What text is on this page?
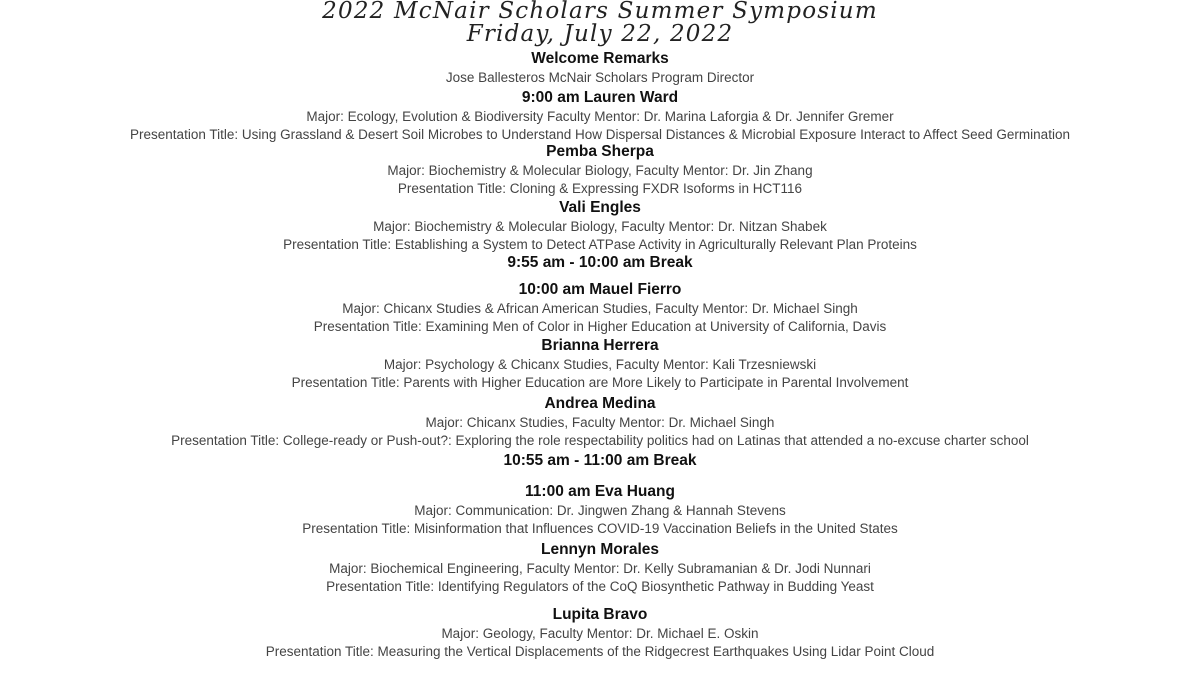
2022 McNair Scholars Summer Symposium
Friday, July 22, 2022
Welcome Remarks
Jose Ballesteros McNair Scholars Program Director
9:00 am Lauren Ward
Major: Ecology, Evolution & Biodiversity Faculty Mentor: Dr. Marina Laforgia & Dr. Jennifer Gremer
Presentation Title: Using Grassland & Desert Soil Microbes to Understand How Dispersal Distances & Microbial Exposure Interact to Affect Seed Germination
Pemba Sherpa
Major: Biochemistry & Molecular Biology, Faculty Mentor: Dr. Jin Zhang
Presentation Title: Cloning & Expressing FXDR Isoforms in HCT116
Vali Engles
Major: Biochemistry & Molecular Biology, Faculty Mentor: Dr. Nitzan Shabek
Presentation Title: Establishing a System to Detect ATPase Activity in Agriculturally Relevant Plan Proteins
9:55 am - 10:00 am Break
10:00 am Mauel Fierro
Major: Chicanx Studies & African American Studies, Faculty Mentor: Dr. Michael Singh
Presentation Title: Examining Men of Color in Higher Education at University of California, Davis
Brianna Herrera
Major: Psychology & Chicanx Studies, Faculty Mentor: Kali Trzesniewski
Presentation Title: Parents with Higher Education are More Likely to Participate in Parental Involvement
Andrea Medina
Major: Chicanx Studies, Faculty Mentor: Dr. Michael Singh
Presentation Title: College-ready or Push-out?: Exploring the role respectability politics had on Latinas that attended a no-excuse charter school
10:55 am - 11:00 am Break
11:00 am Eva Huang
Major: Communication: Dr. Jingwen Zhang & Hannah Stevens
Presentation Title: Misinformation that Influences COVID-19 Vaccination Beliefs in the United States
Lennyn Morales
Major: Biochemical Engineering, Faculty Mentor: Dr. Kelly Subramanian & Dr. Jodi Nunnari
Presentation Title: Identifying Regulators of the CoQ Biosynthetic Pathway in Budding Yeast
Lupita Bravo
Major: Geology, Faculty Mentor: Dr. Michael E. Oskin
Presentation Title: Measuring the Vertical Displacements of the Ridgecrest Earthquakes Using Lidar Point Cloud
